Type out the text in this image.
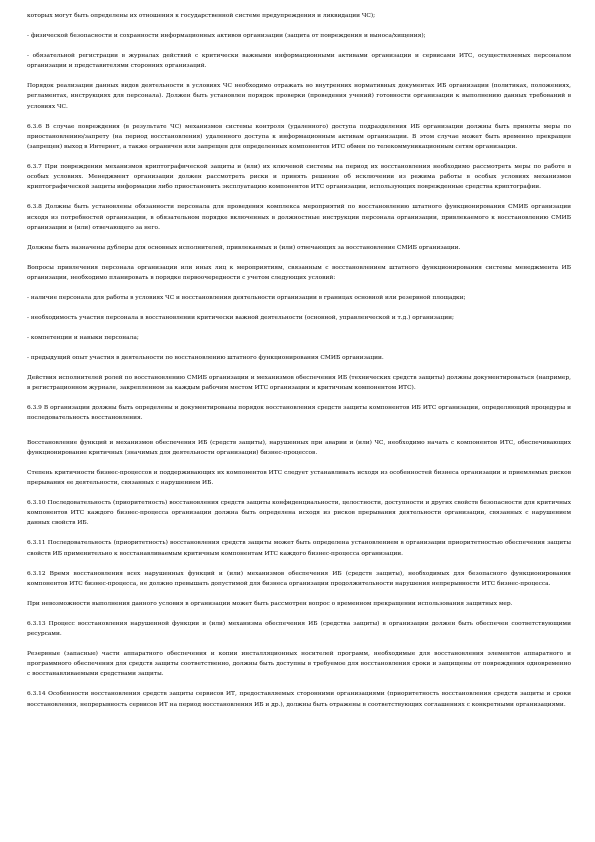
которых могут быть определены их отношения к государственной системе предупреждения и ликвидации ЧС);

- физической безопасности и сохранности информационных активов организации (защита от повреждения и выноса/хищения);

- обязательной регистрации в журналах действий с критически важными информационными активами организации и сервисами ИТС, осуществляемых персоналом организации и представителями сторонних организаций.

Порядок реализации данных видов деятельности в условиях ЧС необходимо отражать во внутренних нормативных документах ИБ организации (политиках, положениях, регламентах, инструкциях для персонала). Должен быть установлен порядок проверки (проведения учений) готовности организации к выполнению данных требований в условиях ЧС.

6.3.6 В случае повреждения (в результате ЧС) механизмов системы контроля (удаленного) доступа подразделения ИБ организации должны быть приняты меры по приостановлению/запрету (на период восстановления) удаленного доступа к информационным активам организации. В этом случае может быть временно прекращен (запрещен) выход в Интернет, а также ограничен или запрещен для определенных компонентов ИТС обмен по телекоммуникационным сетям организации.

6.3.7 При повреждении механизмов криптографической защиты и (или) их ключевой системы на период их восстановления необходимо рассмотреть меры по работе в особых условиях. Менеджмент организации должен рассмотреть риски и принять решение об исключении из режима работы в особых условиях механизмов криптографической защиты информации либо приостановить эксплуатацию компонентов ИТС организации, использующих поврежденные средства криптографии.

6.3.8 Должны быть установлены обязанности персонала для проведения комплекса мероприятий по восстановлению штатного функционирования СМИБ организации исходя из потребностей организации, в обязательном порядке включенных в должностные инструкции персонала организации, привлекаемого к восстановлению СМИБ организации и (или) отвечающего за него.

Должны быть назначены дублеры для основных исполнителей, привлекаемых и (или) отвечающих за восстановление СМИБ организации.

Вопросы привлечения персонала организации или иных лиц к мероприятиям, связанным с восстановлением штатного функционирования системы менеджмента ИБ организации, необходимо планировать в порядке первоочередности с учетом следующих условий:

- наличие персонала для работы в условиях ЧС и восстановления деятельности организации в границах основной или резервной площадки;

- необходимость участия персонала в восстановлении критически важной деятельности (основной, управленческой и т.д.) организации;

- компетенции и навыки персонала;

- предыдущий опыт участия в деятельности по восстановлению штатного функционирования СМИБ организации.

Действия исполнителей ролей по восстановлению СМИБ организации и механизмов обеспечения ИБ (технических средств защиты) должны документироваться (например, в регистрационном журнале, закрепленном за каждым рабочим местом ИТС организации и критичным компонентом ИТС).

6.3.9 В организации должны быть определены и документированы порядок восстановления средств защиты компонентов ИБ ИТС организации, определяющий процедуры и последовательность восстановления.

Восстановление функций и механизмов обеспечения ИБ (средств защиты), нарушенных при аварии и (или) ЧС, необходимо начать с компонентов ИТС, обеспечивающих функционирование критичных (значимых для деятельности организации) бизнес-процессов.

Степень критичности бизнес-процессов и поддерживающих их компонентов ИТС следует устанавливать исходя из особенностей бизнеса организации и приемлемых рисков прерывания ее деятельности, связанных с нарушением ИБ.

6.3.10 Последовательность (приоритетность) восстановления средств защиты конфиденциальности, целостности, доступности и других свойств безопасности для критичных компонентов ИТС каждого бизнес-процесса организации должна быть определена исходя из рисков прерывания деятельности организации, связанных с нарушением данных свойств ИБ.

6.3.11 Последовательность (приоритетность) восстановления средств защиты может быть определена установлением в организации приоритетностью обеспечения защиты свойств ИБ применительно к восстанавливаемым критичным компонентам ИТС каждого бизнес-процесса организации.

6.3.12 Время восстановления всех нарушенных функций и (или) механизмов обеспечения ИБ (средств защиты), необходимых для безопасного функционирования компонентов ИТС бизнес-процесса, не должно превышать допустимой для бизнеса организации продолжительности нарушения непрерывности ИТС бизнес-процесса.

При невозможности выполнения данного условия в организации может быть рассмотрен вопрос о временном прекращении использования защитных мер.

6.3.13 Процесс восстановления нарушенной функции и (или) механизма обеспечения ИБ (средства защиты) в организации должен быть обеспечен соответствующими ресурсами.

Резервные (запасные) части аппаратного обеспечения и копии инсталляционных носителей программ, необходимые для восстановления элементов аппаратного и программного обеспечения для средств защиты соответственно, должны быть доступны в требуемое для восстановления сроки и защищены от повреждения одновременно с восстанавливаемыми средствами защиты.

6.3.14 Особенности восстановления средств защиты сервисов ИТ, предоставляемых сторонними организациями (приоритетность восстановления средств защиты и сроки восстановления, непрерывность сервисов ИТ на период восстановления ИБ и др.), должны быть отражены в соответствующих соглашениях с конкретными организациями.
